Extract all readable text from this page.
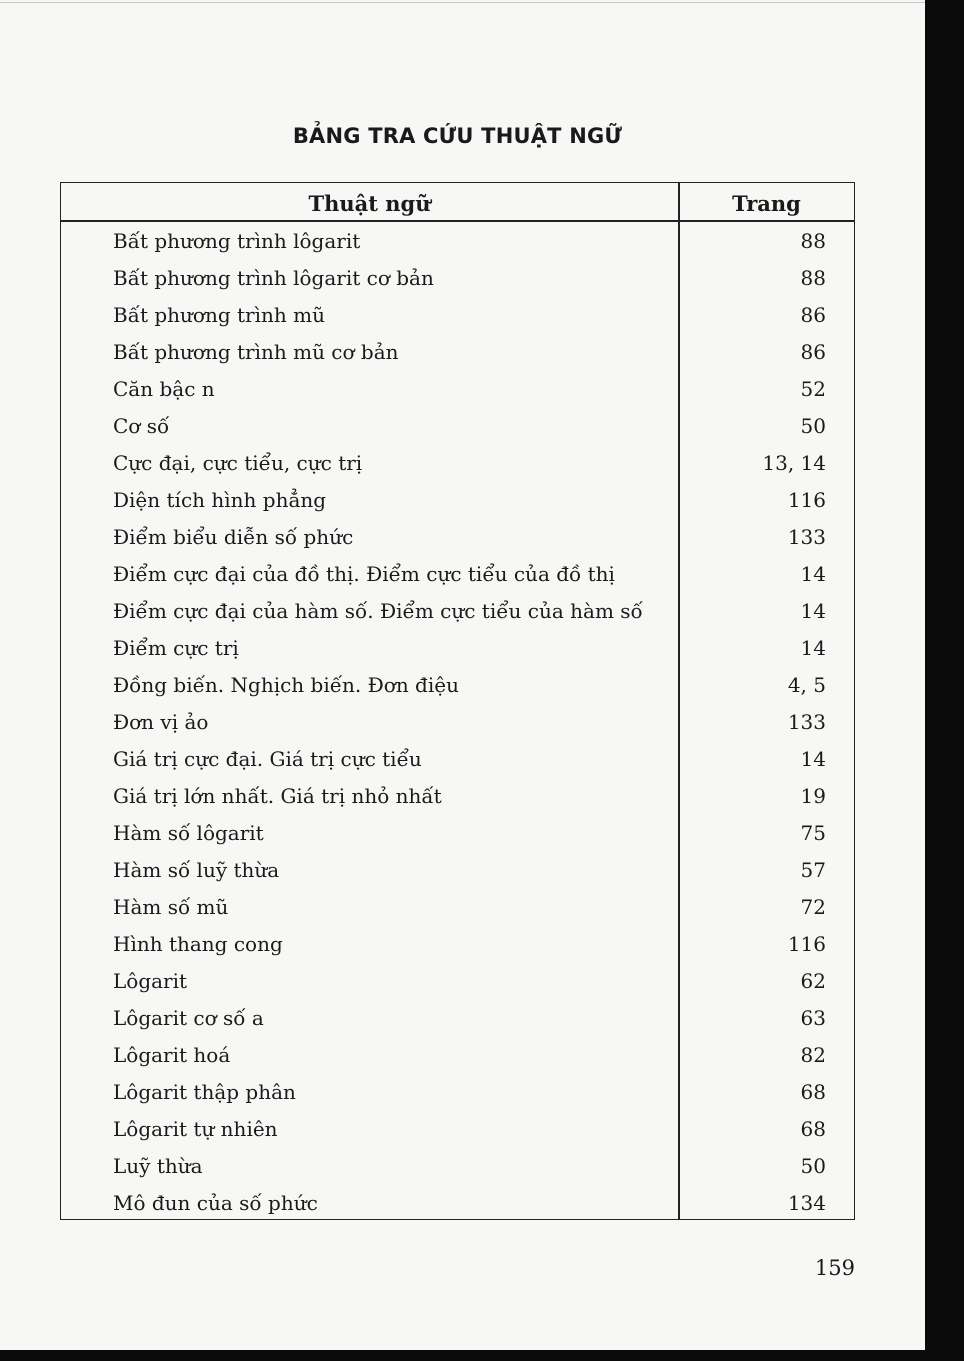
BẢNG TRA CỨU THUẬT NGỮ
Thuật ngữ	Trang
Bất phương trình lôgarit	88
Bất phương trình lôgarit cơ bản	88
Bất phương trình mũ	86
Bất phương trình mũ cơ bản	86
Căn bậc n	52
Cơ số	50
Cực đại, cực tiểu, cực trị	13, 14
Diện tích hình phẳng	116
Điểm biểu diễn số phức	133
Điểm cực đại của đồ thị. Điểm cực tiểu của đồ thị	14
Điểm cực đại của hàm số. Điểm cực tiểu của hàm số	14
Điểm cực trị	14
Đồng biến. Nghịch biến. Đơn điệu	4, 5
Đơn vị ảo	133
Giá trị cực đại. Giá trị cực tiểu	14
Giá trị lớn nhất. Giá trị nhỏ nhất	19
Hàm số lôgarit	75
Hàm số luỹ thừa	57
Hàm số mũ	72
Hình thang cong	116
Lôgarit	62
Lôgarit cơ số a	63
Lôgarit hoá	82
Lôgarit thập phân	68
Lôgarit tự nhiên	68
Luỹ thừa	50
Mô đun của số phức	134
159
